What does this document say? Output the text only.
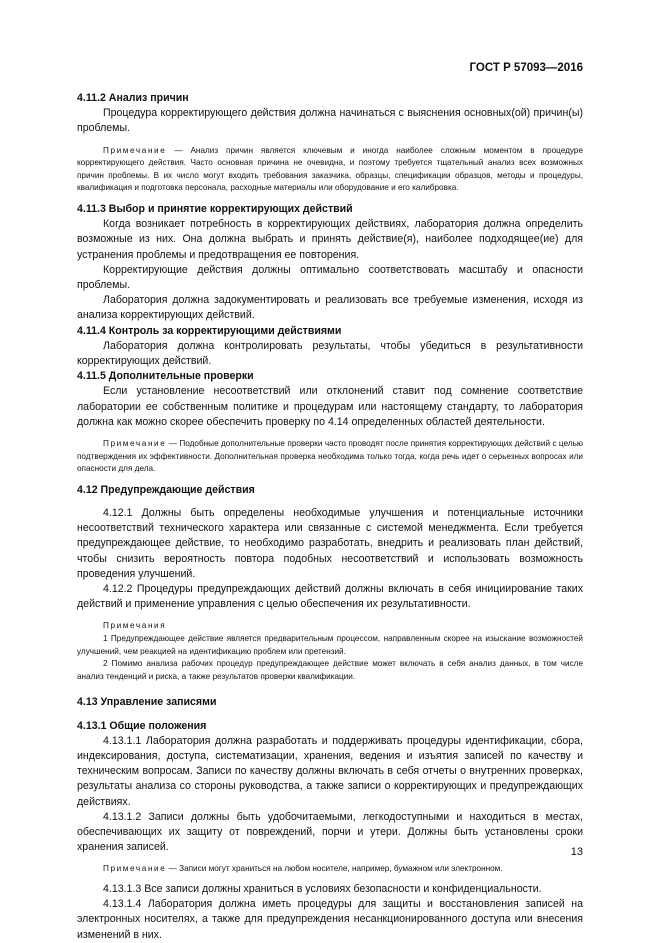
ГОСТ Р 57093—2016

4.11.2 Анализ причин

Процедура корректирующего действия должна начинаться с выяснения основных(ой) причин(ы) проблемы.

Примечание — Анализ причин является ключевым и иногда наиболее сложным моментом в процедуре корректирующего действия. Часто основная причина не очевидна, и поэтому требуется тщательный анализ всех возможных причин проблемы. В их число могут входить требования заказчика, образцы, спецификации образцов, методы и процедуры, квалификация и подготовка персонала, расходные материалы или оборудование и его калибровка.

4.11.3 Выбор и принятие корректирующих действий

Когда возникает потребность в корректирующих действиях, лаборатория должна определить возможные из них. Она должна выбрать и принять действие(я), наиболее подходящее(ие) для устранения проблемы и предотвращения ее повторения.

Корректирующие действия должны оптимально соответствовать масштабу и опасности проблемы.

Лаборатория должна задокументировать и реализовать все требуемые изменения, исходя из анализа корректирующих действий.

4.11.4 Контроль за корректирующими действиями

Лаборатория должна контролировать результаты, чтобы убедиться в результативности корректирующих действий.

4.11.5 Дополнительные проверки

Если установление несоответствий или отклонений ставит под сомнение соответствие лаборатории ее собственным политике и процедурам или настоящему стандарту, то лаборатория должна как можно скорее обеспечить проверку по 4.14 определенных областей деятельности.

Примечание — Подобные дополнительные проверки часто проводят после принятия корректирующих действий с целью подтверждения их эффективности. Дополнительная проверка необходима только тогда, когда речь идет о серьезных вопросах или опасности для дела.

4.12 Предупреждающие действия

4.12.1 Должны быть определены необходимые улучшения и потенциальные источники несоответствий технического характера или связанные с системой менеджмента. Если требуется предупреждающее действие, то необходимо разработать, внедрить и реализовать план действий, чтобы снизить вероятность повтора подобных несоответствий и использовать возможность проведения улучшений.

4.12.2 Процедуры предупреждающих действий должны включать в себя инициирование таких действий и применение управления с целью обеспечения их результативности.

Примечания

1 Предупреждающее действие является предварительным процессом, направленным скорее на изыскание возможностей улучшений, чем реакцией на идентификацию проблем или претензий.

2 Помимо анализа рабочих процедур предупреждающее действие может включать в себя анализ данных, в том числе анализ тенденций и риска, а также результатов проверки квалификации.

4.13 Управление записями

4.13.1 Общие положения

4.13.1.1 Лаборатория должна разработать и поддерживать процедуры идентификации, сбора, индексирования, доступа, систематизации, хранения, ведения и изъятия записей по качеству и техническим вопросам. Записи по качеству должны включать в себя отчеты о внутренних проверках, результаты анализа со стороны руководства, а также записи о корректирующих и предупреждающих действиях.

4.13.1.2 Записи должны быть удобочитаемыми, легкодоступными и находиться в местах, обеспечивающих их защиту от повреждений, порчи и утери. Должны быть установлены сроки хранения записей.

Примечание — Записи могут храниться на любом носителе, например, бумажном или электронном.

4.13.1.3 Все записи должны храниться в условиях безопасности и конфиденциальности.

4.13.1.4 Лаборатория должна иметь процедуры для защиты и восстановления записей на электронных носителях, а также для предупреждения несанкционированного доступа или внесения изменений в них.

13
